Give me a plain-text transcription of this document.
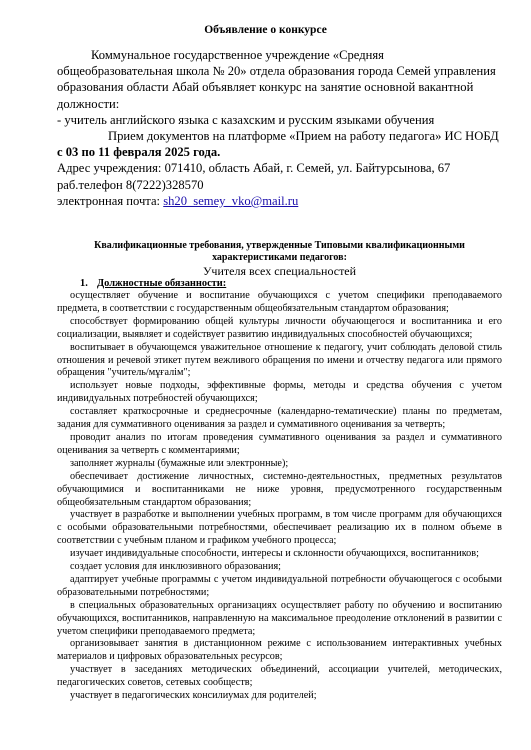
Объявление о конкурсе

Коммунальное государственное учреждение «Средняя общеобразовательная школа № 20» отдела образования города Семей управления образования области Абай объявляет конкурс на занятие основной вакантной должности:

- учитель английского языка с казахским и русским языками обучения

Прием документов на платформе «Прием на работу педагога» ИС НОБД

с 03 по 11 февраля 2025 года.

Адрес учреждения: 071410, область Абай, г. Семей, ул. Байтурсынова, 67

раб.телефон 8(7222)328570

электронная почта: sh20_semey_vko@mail.ru

Квалификационные требования, утвержденные Типовыми квалификационными характеристиками педагогов:
Учителя всех специальностей
1. Должностные обязанности:

осуществляет обучение и воспитание обучающихся с учетом специфики преподаваемого предмета, в соответствии с государственным общеобязательным стандартом образования;

способствует формированию общей культуры личности обучающегося и воспитанника и его социализации, выявляет и содействует развитию индивидуальных способностей обучающихся;

воспитывает в обучающемся уважительное отношение к педагогу, учит соблюдать деловой стиль отношения и речевой этикет путем вежливого обращения по имени и отчеству педагога или прямого обращения "учитель/мұғалім";

использует новые подходы, эффективные формы, методы и средства обучения с учетом индивидуальных потребностей обучающихся;

составляет краткосрочные и среднесрочные (календарно-тематические) планы по предметам, задания для суммативного оценивания за раздел и суммативного оценивания за четверть;

проводит анализ по итогам проведения суммативного оценивания за раздел и суммативного оценивания за четверть с комментариями;

заполняет журналы (бумажные или электронные);

обеспечивает достижение личностных, системно-деятельностных, предметных результатов обучающимися и воспитанниками не ниже уровня, предусмотренного государственным общеобязательным стандартом образования;

участвует в разработке и выполнении учебных программ, в том числе программ для обучающихся с особыми образовательными потребностями, обеспечивает реализацию их в полном объеме в соответствии с учебным планом и графиком учебного процесса;

изучает индивидуальные способности, интересы и склонности обучающихся, воспитанников;

создает условия для инклюзивного образования;

адаптирует учебные программы с учетом индивидуальной потребности обучающегося с особыми образовательными потребностями;

в специальных образовательных организациях осуществляет работу по обучению и воспитанию обучающихся, воспитанников, направленную на максимальное преодоление отклонений в развитии с учетом специфики преподаваемого предмета;

организовывает занятия в дистанционном режиме с использованием интерактивных учебных материалов и цифровых образовательных ресурсов;

участвует в заседаниях методических объединений, ассоциации учителей, методических, педагогических советов, сетевых сообществ;

участвует в педагогических консилиумах для родителей;
